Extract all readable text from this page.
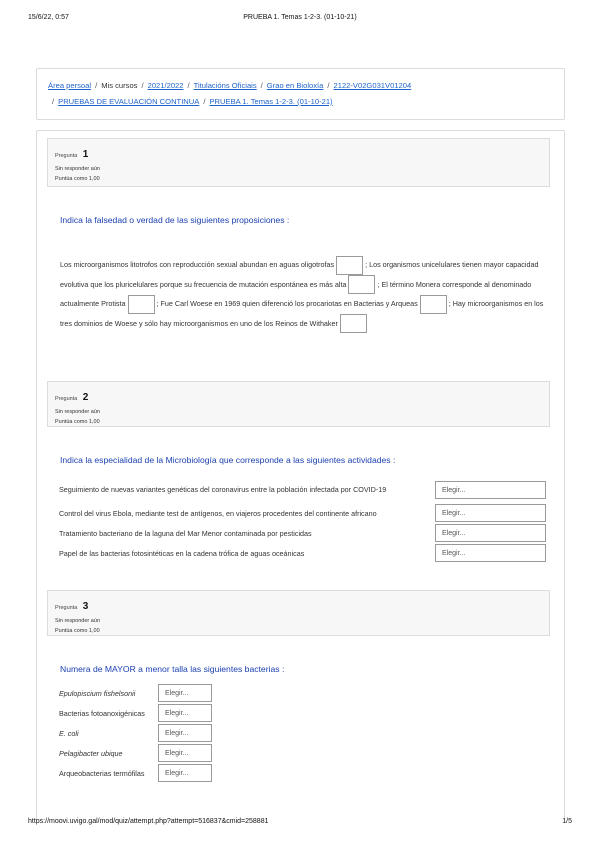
15/6/22, 0:57	PRUEBA 1. Temas 1-2-3. (01-10-21)
Área persoal / Mis cursos / 2021/2022 / Titulacións Oficiais / Grao en Bioloxía / 2122-V02G031V01204
/ PRUEBAS DE EVALUACIÓN CONTINUA / PRUEBA 1. Temas 1-2-3. (01-10-21)
Pregunta 1
Sin responder aún
Puntúa como 1,00
Indica la falsedad o verdad de las siguientes proposiciones :
Los microorganismos litotrofos con reproducción sexual abundan en aguas oligotrofas	; Los organismos unicelulares tienen mayor capacidad evolutiva que los pluricelulares porque su frecuencia de mutación espontánea es más alta	; El término Monera corresponde al denominado actualmente Protista	; Fue Carl Woese en 1969 quien diferenció los procariotas en Bacterias y Arqueas	; Hay microorganismos en los tres dominios de Woese y sólo hay microorganismos en uno de los Reinos de Withaker
Pregunta 2
Sin responder aún
Puntúa como 1,00
Indica la especialidad de la Microbiología que corresponde a las siguientes actividades :
Seguimiento de nuevas variantes genéticas del coronavirus entre la población infectada por COVID-19	Elegir...
Control del virus Ebola, mediante test de antígenos, en viajeros procedentes del continente africano	Elegir...
Tratamiento bacteriano de la laguna del Mar Menor contaminada por pesticidas	Elegir...
Papel de las bacterias fotosintéticas en la cadena trófica de aguas oceánicas	Elegir...
Pregunta 3
Sin responder aún
Puntúa como 1,00
Numera de MAYOR a menor talla las siguientes bacterias :
Epulopiscium fishelsonii	Elegir...
Bacterias fotoanoxigénicas	Elegir...
E. coli	Elegir...
Pelagibacter ubique	Elegir...
Arqueobacterias termófilas	Elegir...
https://moovi.uvigo.gal/mod/quiz/attempt.php?attempt=516837&cmid=258881	1/5
